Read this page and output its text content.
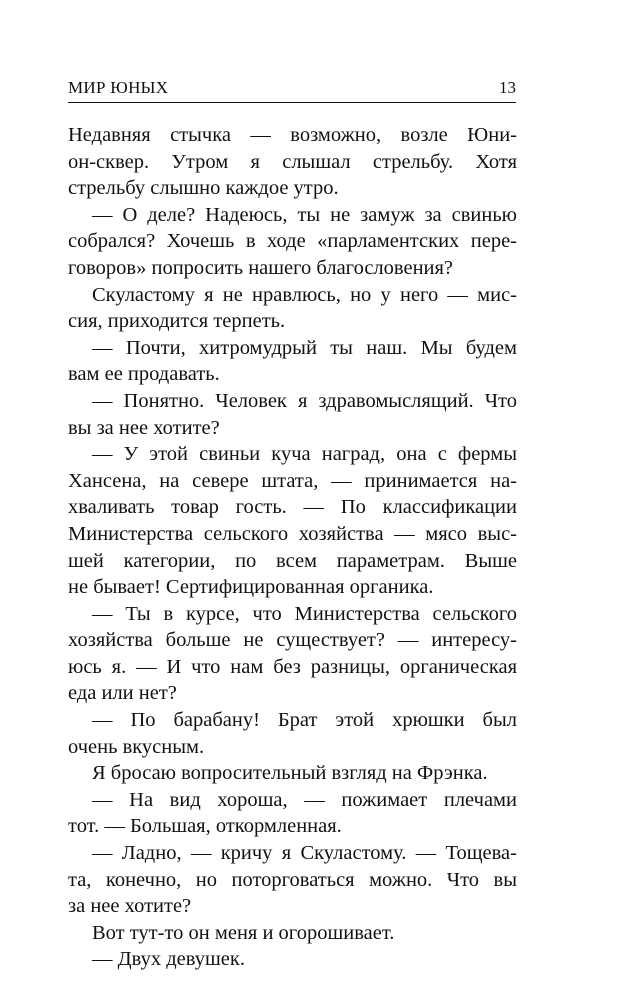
МИР ЮНЫХ	13
Недавняя стычка — возможно, возле Юни-
он-сквер. Утром я слышал стрельбу. Хотя
стрельбу слышно каждое утро.
— О деле? Надеюсь, ты не замуж за свинью
собрался? Хочешь в ходе «парламентских пере-
говоров» попросить нашего благословения?
Скуластому я не нравлюсь, но у него — мис-
сия, приходится терпеть.
— Почти, хитромудрый ты наш. Мы будем
вам ее продавать.
— Понятно. Человек я здравомыслящий. Что
вы за нее хотите?
— У этой свиньи куча наград, она с фермы
Хансена, на севере штата, — принимается на-
хваливать товар гость. — По классификации
Министерства сельского хозяйства — мясо выс-
шей категории, по всем параметрам. Выше
не бывает! Сертифицированная органика.
— Ты в курсе, что Министерства сельского
хозяйства больше не существует? — интересу-
юсь я. — И что нам без разницы, органическая
еда или нет?
— По барабану! Брат этой хрюшки был
очень вкусным.
Я бросаю вопросительный взгляд на Фрэнка.
— На вид хороша, — пожимает плечами
тот. — Большая, откормленная.
— Ладно, — кричу я Скуластому. — Тощева-
та, конечно, но поторговаться можно. Что вы
за нее хотите?
Вот тут-то он меня и огорошивает.
— Двух девушек.
